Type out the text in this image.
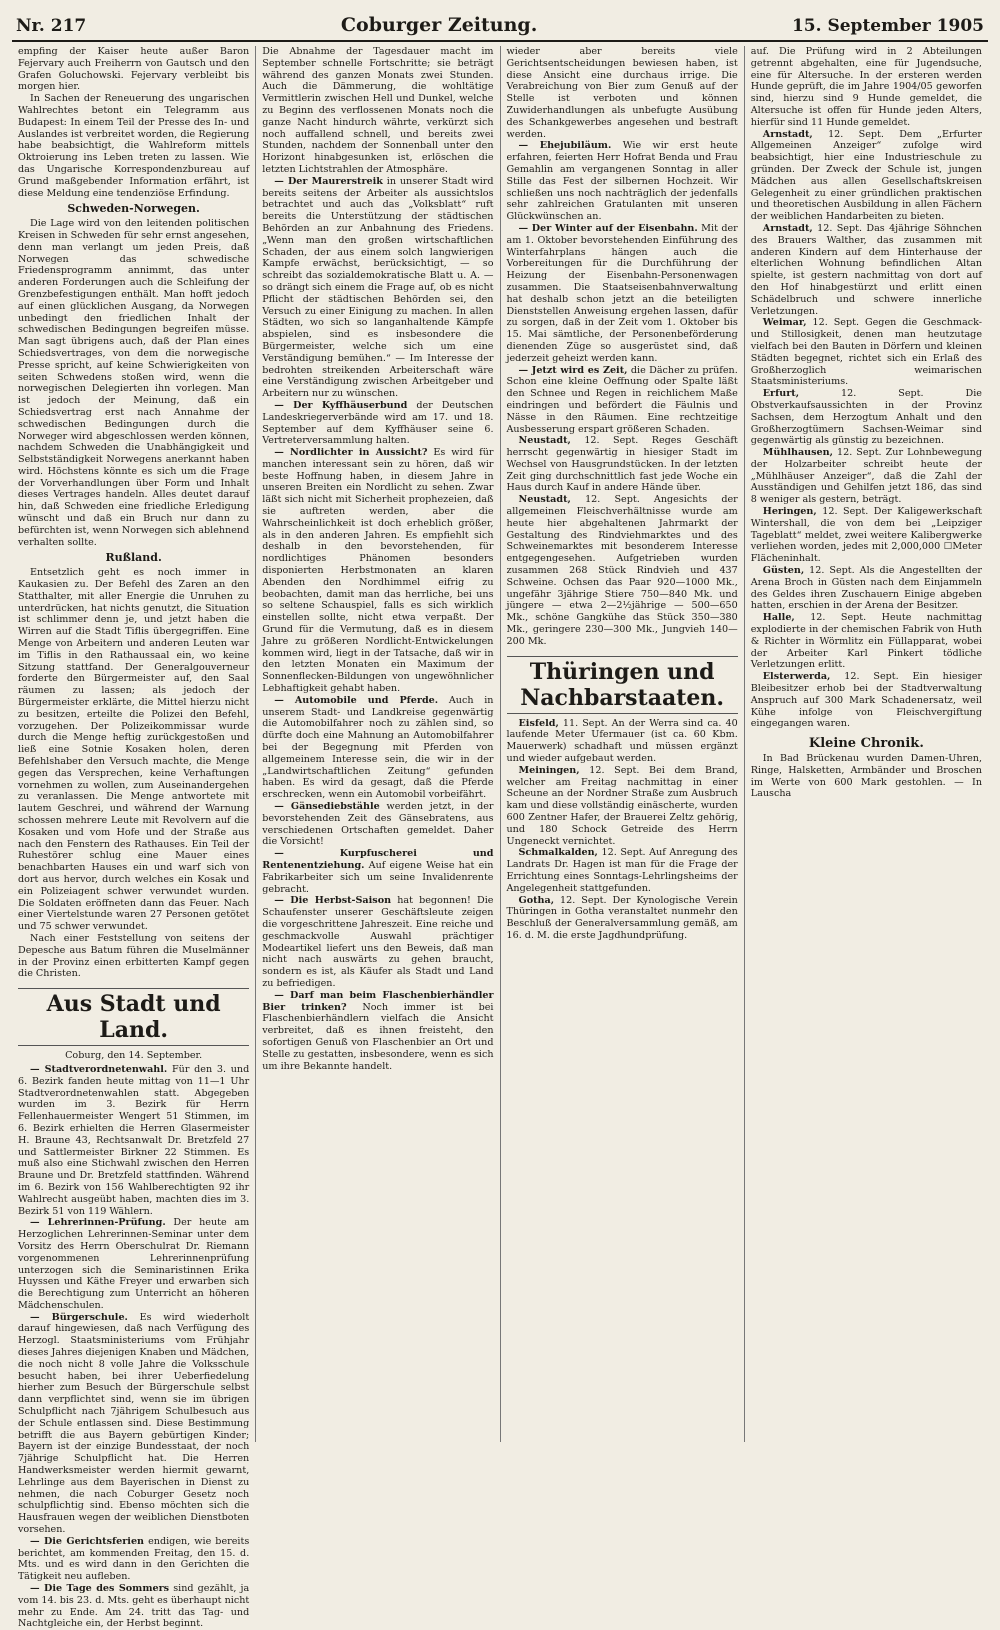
Nr. 217	Coburger Zeitung.	15. September 1905

empfing der Kaiser heute außer Baron Fejervary auch Freiherrn von Gautsch und den Grafen Goluchowski. Fejervary verbleibt bis morgen hier.

In Sachen der Reneuerung des ungarischen Wahlrechtes betont ein Telegramm aus Budapest: In einem Teil der Presse des In- und Auslandes ist verbreitet worden, die Regierung habe beabsichtigt, die Wahlreform mittels Oktroierung ins Leben treten zu lassen. Wie das Ungarische Korrespondenzbureau auf Grund maßgebender Information erfährt, ist diese Meldung eine tendenziöse Erfindung.

Schweden-Norwegen.

Die Lage wird von den leitenden politischen Kreisen in Schweden für sehr ernst angesehen, denn man verlangt um jeden Preis, daß Norwegen das schwedische Friedensprogramm annimmt, das unter anderen Forderungen auch die Schleifung der Grenzbefestigungen enthält. Man hofft jedoch auf einen glücklichen Ausgang, da Norwegen unbedingt den friedlichen Inhalt der schwedischen Bedingungen begreifen müsse. Man sagt übrigens auch, daß der Plan eines Schiedsvertrages, von dem die norwegische Presse spricht, auf keine Schwierigkeiten von seiten Schwedens stoßen wird, wenn die norwegischen Delegierten ihn vorlegen. Man ist jedoch der Meinung, daß ein Schiedsvertrag erst nach Annahme der schwedischen Bedingungen durch die Norweger wird abgeschlossen werden können, nachdem Schweden die Unabhängigkeit und Selbstständigkeit Norwegens anerkannt haben wird. Höchstens könnte es sich um die Frage der Vorverhandlungen über Form und Inhalt dieses Vertrages handeln. Alles deutet darauf hin, daß Schweden eine friedliche Erledigung wünscht und daß ein Bruch nur dann zu befürchten ist, wenn Norwegen sich ablehnend verhalten sollte.

Rußland.

Entsetzlich geht es noch immer in Kaukasien zu. Der Befehl des Zaren an den Statthalter, mit aller Energie die Unruhen zu unterdrücken, hat nichts genutzt, die Situation ist schlimmer denn je, und jetzt haben die Wirren auf die Stadt Tiflis übergegriffen. Eine Menge von Arbeitern und anderen Leuten war im Tiflis in den Rathaussaal ein, wo keine Sitzung stattfand. Der Generalgouverneur forderte den Bürgermeister auf, den Saal räumen zu lassen; als jedoch der Bürgermeister erklärte, die Mittel hierzu nicht zu besitzen, erteilte die Polizei den Befehl, vorzugehen. Der Polizeikommissar wurde durch die Menge heftig zurückgestoßen und ließ eine Sotnie Kosaken holen, deren Befehlshaber den Versuch machte, die Menge gegen das Versprechen, keine Verhaftungen vornehmen zu wollen, zum Auseinandergehen zu veranlassen. Die Menge antwortete mit lautem Geschrei, und während der Warnung schossen mehrere Leute mit Revolvern auf die Kosaken und vom Hofe und der Straße aus nach den Fenstern des Rathauses. Ein Teil der Ruhestörer schlug eine Mauer eines benachbarten Hauses ein und warf sich von dort aus hervor, durch welches ein Kosak und ein Polizeiagent schwer verwundet wurden. Die Soldaten eröffneten dann das Feuer. Nach einer Viertelstunde waren 27 Personen getötet und 75 schwer verwundet.

Nach einer Feststellung von seitens der Depesche aus Batum führen die Muselmänner in der Provinz einen erbitterten Kampf gegen die Christen.

Aus Stadt und Land.
Coburg, den 14. September.

— Stadtverordnetenwahl. Für den 3. und 6. Bezirk fanden heute mittag von 11—1 Uhr Stadtverordnetenwahlen statt. Abgegeben wurden im 3. Bezirk für Herrn Fellenhauermeister Wengert 51 Stimmen, im 6. Bezirk erhielten die Herren Glasermeister H. Braune 43, Rechtsanwalt Dr. Bretzfeld 27 und Sattlermeister Birkner 22 Stimmen. Es muß also eine Stichwahl zwischen den Herren Braune und Dr. Bretzfeld stattfinden. Während im 6. Bezirk von 156 Wahlberechtigten 92 ihr Wahlrecht ausgeübt haben, machten dies im 3. Bezirk 51 von 119 Wählern.

— Lehrerinnen-Prüfung. Der heute am Herzoglichen Lehrerinnen-Seminar unter dem Vorsitz des Herrn Oberschulrat Dr. Riemann vorgenommenen Lehrerinnenprüfung unterzogen sich die Seminaristinnen Erika Huyssen und Käthe Freyer und erwarben sich die Berechtigung zum Unterricht an höheren Mädchenschulen.

— Bürgerschule. Es wird wiederholt darauf hingewiesen, daß nach Verfügung des Herzogl. Staatsministeriums vom Frühjahr dieses Jahres diejenigen Knaben und Mädchen, die noch nicht 8 volle Jahre die Volksschule besucht haben, bei ihrer Ueberfiedelung hierher zum Besuch der Bürgerschule selbst dann verpflichtet sind, wenn sie im übrigen Schulpflicht nach 7jährigem Schulbesuch aus der Schule entlassen sind. Diese Bestimmung betrifft die aus Bayern gebürtigen Kinder; Bayern ist der einzige Bundesstaat, der noch 7jährige Schulpflicht hat. Die Herren Handwerksmeister werden hiermit gewarnt, Lehrlinge aus dem Bayerischen in Dienst zu nehmen, die nach Coburger Gesetz noch schulpflichtig sind. Ebenso möchten sich die Hausfrauen wegen der weiblichen Dienstboten vorsehen.

— Die Gerichtsferien endigen, wie bereits berichtet, am kommenden Freitag, den 15. d. Mts. und es wird dann in den Gerichten die Tätigkeit neu aufleben.

— Die Tage des Sommers sind gezählt, ja vom 14. bis 23. d. Mts. geht es überhaupt nicht mehr zu Ende. Am 24. tritt das Tag- und Nachtgleiche ein, der Herbst beginnt.

Die Abnahme der Tagesdauer macht im September schnelle Fortschritte; sie beträgt während des ganzen Monats zwei Stunden. Auch die Dämmerung, die wohltätige Vermittlerin zwischen Hell und Dunkel, welche zu Beginn des verflossenen Monats noch die ganze Nacht hindurch währte, verkürzt sich noch auffallend schnell, und bereits zwei Stunden, nachdem der Sonnenball unter den Horizont hinabgesunken ist, erlöschen die letzten Lichtstrahlen der Atmosphäre.

— Der Maurerstreik in unserer Stadt wird bereits seitens der Arbeiter als aussichtslos betrachtet und auch das „Volksblatt“ ruft bereits die Unterstützung der städtischen Behörden an zur Anbahnung des Friedens. „Wenn man den großen wirtschaftlichen Schaden, der aus einem solch langwierigen Kampfe erwächst, berücksichtigt, — so schreibt das sozialdemokratische Blatt u. A. — so drängt sich einem die Frage auf, ob es nicht Pflicht der städtischen Behörden sei, den Versuch zu einer Einigung zu machen. In allen Städten, wo sich so langanhaltende Kämpfe abspielen, sind es insbesondere die Bürgermeister, welche sich um eine Verständigung bemühen.“ — Im Interesse der bedrohten streikenden Arbeiterschaft wäre eine Verständigung zwischen Arbeitgeber und Arbeitern nur zu wünschen.

— Der Kyffhäuserbund der Deutschen Landeskriegerverbände wird am 17. und 18. September auf dem Kyffhäuser seine 6. Vertreterversammlung halten.

— Nordlichter in Aussicht? Es wird für manchen interessant sein zu hören, daß wir beste Hoffnung haben, in diesem Jahre in unseren Breiten ein Nordlicht zu sehen. Zwar läßt sich nicht mit Sicherheit prophezeien, daß sie auftreten werden, aber die Wahrscheinlichkeit ist doch erheblich größer, als in den anderen Jahren. Es empfiehlt sich deshalb in den bevorstehenden, für nordlichtiges Phänomen besonders disponierten Herbstmonaten an klaren Abenden den Nordhimmel eifrig zu beobachten, damit man das herrliche, bei uns so seltene Schauspiel, falls es sich wirklich einstellen sollte, nicht etwa verpaßt. Der Grund für die Vermutung, daß es in diesem Jahre zu größeren Nordlicht-Entwickelungen kommen wird, liegt in der Tatsache, daß wir in den letzten Monaten ein Maximum der Sonnenflecken-Bildungen von ungewöhnlicher Lebhaftigkeit gehabt haben.

— Automobile und Pferde. Auch in unserem Stadt- und Landkreise gegenwärtig die Automobilfahrer noch zu zählen sind, so dürfte doch eine Mahnung an Automobilfahrer bei der Begegnung mit Pferden von allgemeinem Interesse sein, die wir in der „Landwirtschaftlichen Zeitung“ gefunden haben. Es wird da gesagt, daß die Pferde erschrecken, wenn ein Automobil vorbeifährt.

— Gänsediebstähle werden jetzt, in der bevorstehenden Zeit des Gänsebratens, aus verschiedenen Ortschaften gemeldet. Daher die Vorsicht!

— Kurpfuscherei und Rentenentziehung. Auf eigene Weise hat ein Fabrikarbeiter sich um seine Invalidenrente gebracht.

— Die Herbst-Saison hat begonnen! Die Schaufenster unserer Geschäftsleute zeigen die vorgeschrittene Jahreszeit. Eine reiche und geschmackvolle Auswahl prächtiger Modeartikel liefert uns den Beweis, daß man nicht nach auswärts zu gehen braucht, sondern es ist, als Käufer als Stadt und Land zu befriedigen.

— Darf man beim Flaschenbierhändler Bier trinken? Noch immer ist bei Flaschenbierhändlern vielfach die Ansicht verbreitet, daß es ihnen freisteht, den sofortigen Genuß von Flaschenbier an Ort und Stelle zu gestatten, insbesondere, wenn es sich um ihre Bekannte handelt.

wieder aber bereits viele Gerichtsentscheidungen bewiesen haben, ist diese Ansicht eine durchaus irrige. Die Verabreichung von Bier zum Genuß auf der Stelle ist verboten und können Zuwiderhandlungen als unbefugte Ausübung des Schankgewerbes angesehen und bestraft werden.

— Ehejubiläum. Wie wir erst heute erfahren, feierten Herr Hofrat Benda und Frau Gemahlin am vergangenen Sonntag in aller Stille das Fest der silbernen Hochzeit. Wir schließen uns noch nachträglich der jedenfalls sehr zahlreichen Gratulanten mit unseren Glückwünschen an.

— Der Winter auf der Eisenbahn. Mit der am 1. Oktober bevorstehenden Einführung des Winterfahrplans hängen auch die Vorbereitungen für die Durchführung der Heizung der Eisenbahn-Personenwagen zusammen. Die Staatseisenbahnverwaltung hat deshalb schon jetzt an die beteiligten Dienststellen Anweisung ergehen lassen, dafür zu sorgen, daß in der Zeit vom 1. Oktober bis 15. Mai sämtliche, der Personenbeförderung dienenden Züge so ausgerüstet sind, daß jederzeit geheizt werden kann.

— Jetzt wird es Zeit, die Dächer zu prüfen. Schon eine kleine Oeffnung oder Spalte läßt den Schnee und Regen in reichlichem Maße eindringen und befördert die Fäulnis und Nässe in den Räumen. Eine rechtzeitige Ausbesserung erspart größeren Schaden.

Neustadt, 12. Sept. Reges Geschäft herrscht gegenwärtig in hiesiger Stadt im Wechsel von Hausgrundstücken. In der letzten Zeit ging durchschnittlich fast jede Woche ein Haus durch Kauf in andere Hände über.

Neustadt, 12. Sept. Angesichts der allgemeinen Fleischverhältnisse wurde am heute hier abgehaltenen Jahrmarkt der Gestaltung des Rindviehmarktes und des Schweinemarktes mit besonderem Interesse entgegengesehen. Aufgetrieben wurden zusammen 268 Stück Rindvieh und 437 Schweine. Ochsen das Paar 920—1000 Mk., ungefähr 3jährige Stiere 750—840 Mk. und jüngere — etwa 2—2½jährige — 500—650 Mk., schöne Gangkühe das Stück 350—380 Mk., geringere 230—300 Mk., Jungvieh 140—200 Mk.

Thüringen und Nachbarstaaten.

Eisfeld, 11. Sept. An der Werra sind ca. 40 laufende Meter Ufermauer (ist ca. 60 Kbm. Mauerwerk) schadhaft und müssen ergänzt und wieder aufgebaut werden.

Meiningen, 12. Sept. Bei dem Brand, welcher am Freitag nachmittag in einer Scheune an der Nordner Straße zum Ausbruch kam und diese vollständig einäscherte, wurden 600 Zentner Hafer, der Brauerei Zeltz gehörig, und 180 Schock Getreide des Herrn Ungeneckt vernichtet.

Schmalkalden, 12. Sept. Auf Anregung des Landrats Dr. Hagen ist man für die Frage der Errichtung eines Sonntags-Lehrlingsheims der Angelegenheit stattgefunden.

Gotha, 12. Sept. Der Kynologische Verein Thüringen in Gotha veranstaltet nunmehr den Beschluß der Generalversammlung gemäß, am 16. d. M. die erste Jagdhundprüfung.

auf. Die Prüfung wird in 2 Abteilungen getrennt abgehalten, eine für Jugendsuche, eine für Altersuche. In der ersteren werden Hunde geprüft, die im Jahre 1904/05 geworfen sind, hierzu sind 9 Hunde gemeldet, die Altersuche ist offen für Hunde jeden Alters, hierfür sind 11 Hunde gemeldet.

Arnstadt, 12. Sept. Dem „Erfurter Allgemeinen Anzeiger“ zufolge wird beabsichtigt, hier eine Industrieschule zu gründen. Der Zweck der Schule ist, jungen Mädchen aus allen Gesellschaftskreisen Gelegenheit zu einer gründlichen praktischen und theoretischen Ausbildung in allen Fächern der weiblichen Handarbeiten zu bieten.

Arnstadt, 12. Sept. Das 4jährige Söhnchen des Brauers Walther, das zusammen mit anderen Kindern auf dem Hinterhause der elterlichen Wohnung befindlichen Altan spielte, ist gestern nachmittag von dort auf den Hof hinabgestürzt und erlitt einen Schädelbruch und schwere innerliche Verletzungen.

Weimar, 12. Sept. Gegen die Geschmack- und Stillosigkeit, denen man heutzutage vielfach bei den Bauten in Dörfern und kleinen Städten begegnet, richtet sich ein Erlaß des Großherzoglich weimarischen Staatsministeriums.

Erfurt,	12. Sept. Die Obstverkaufsaussichten in der Provinz Sachsen, dem Herzogtum Anhalt und den Großherzogtümern Sachsen-Weimar sind gegenwärtig als günstig zu bezeichnen.

Mühlhausen, 12. Sept. Zur Lohnbewegung der Holzarbeiter schreibt heute der „Mühlhäuser Anzeiger“, daß die Zahl der Ausständigen und Gehilfen jetzt 186, das sind 8 weniger als gestern, beträgt.

Heringen, 12. Sept. Der Kaligewerkschaft Wintershall, die von dem bei „Leipziger Tageblatt“ meldet, zwei weitere Kalibergwerke verliehen worden, jedes mit 2,000,000 ☐Meter Flächeninhalt.

Güsten, 12. Sept. Als die Angestellten der Arena Broch in Güsten nach dem Einjammeln des Geldes ihren Zuschauern Einige abgeben hatten, erschien in der Arena der Besitzer.

Halle, 12. Sept. Heute nachmittag explodierte in der chemischen Fabrik von Huth & Richter in Wörmlitz ein Füllapparat, wobei der Arbeiter Karl Pinkert tödliche Verletzungen erlitt.

Elsterwerda, 12. Sept. Ein hiesiger Bleibesitzer erhob bei der Stadtverwaltung Anspruch auf 300 Mark Schadenersatz, weil Kühe infolge von Fleischvergiftung eingegangen waren.

Kleine Chronik.

In Bad Brückenau wurden Damen-Uhren, Ringe, Halsketten, Armbänder und Broschen im Werte von 600 Mark gestohlen. — In Lauscha
